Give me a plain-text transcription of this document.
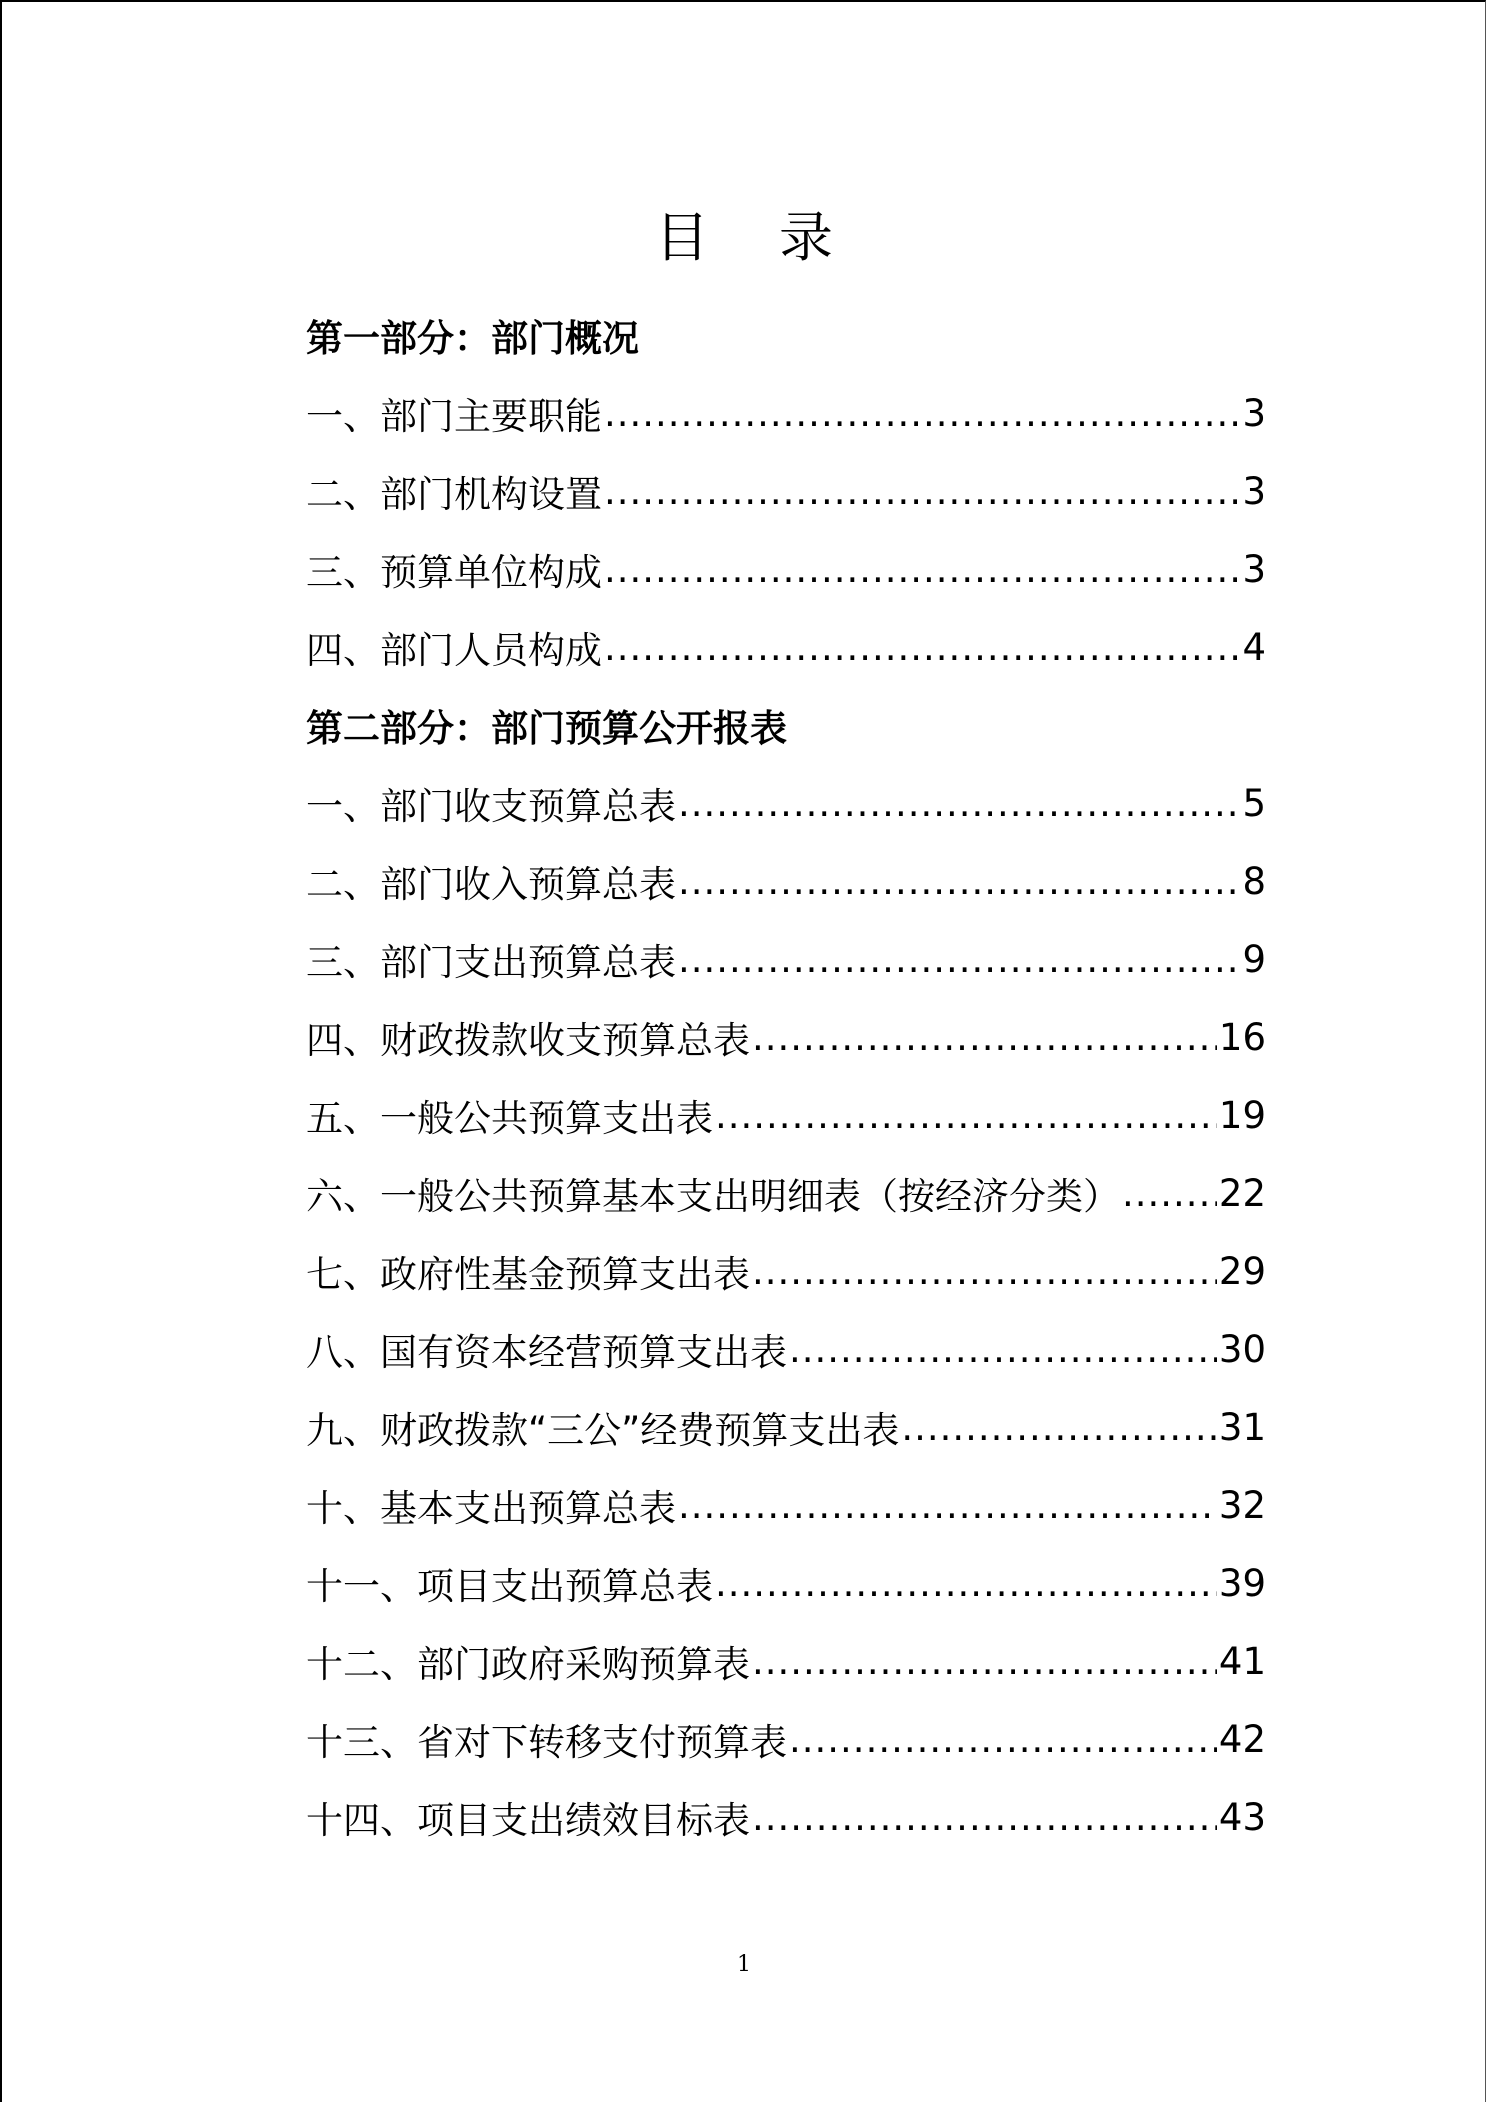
目 录
第一部分：部门概况
一、部门主要职能 .....	3
二、部门机构设置 .....	3
三、预算单位构成 .....	3
四、部门人员构成 .....	4
第二部分：部门预算公开报表
一、部门收支预算总表 .....	5
二、部门收入预算总表 .....	8
三、部门支出预算总表 .....	9
四、财政拨款收支预算总表 .....	16
五、一般公共预算支出表 .....	19
六、一般公共预算基本支出明细表（按经济分类） .....	22
七、政府性基金预算支出表 .....	29
八、国有资本经营预算支出表 .....	30
九、财政拨款“三公”经费预算支出表 .....	31
十、基本支出预算总表 .....	32
十一、项目支出预算总表 .....	39
十二、部门政府采购预算表 .....	41
十三、省对下转移支付预算表 .....	42
十四、项目支出绩效目标表 .....	43
1
